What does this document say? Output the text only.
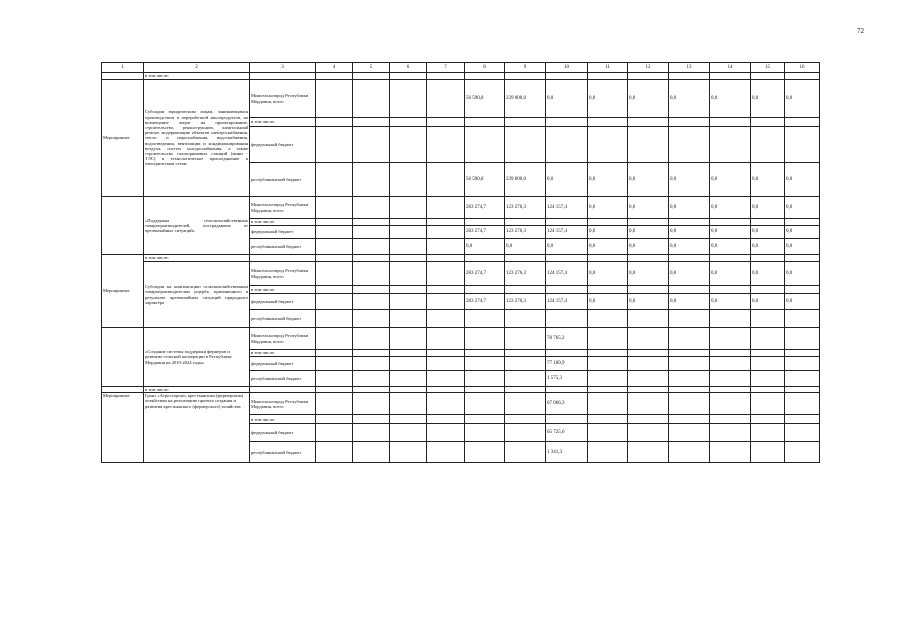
72
1	2	3	4	5	6	7	8	9	10	11	12	13	14	15	16
	в том числе:														
Мероприятие	Субсидии юридическим лицам, занимающимся производством и переработкой мясопродуктов, на возмещение затрат на проектирование, строительство, реконструкцию, капитальный ремонт, модернизацию объектов электроснабжения, тепло- и пароснабжения, водоснабжения, водоотведения, вентиляции и кондиционирования воздуха, систем холодоснабжения, а также строительство газопоршневых станций (мини - ТЭС) и технологическое присоединение к электрическим сетям	Минсельхозпрод Республики Мордовия, всего					56 590,8	239 000,0	0,0	0,0	0,0	0,0	0,0	0,0	0,0
		в том числе:													
		федеральный бюджет													
		республиканский бюджет					56 590,8	239 000,0	0,0	0,0	0,0	0,0	0,0	0,0	0,0
	«Поддержка сельскохозяйственных товаропроизводителей, пострадавших от чрезвычайных ситуаций»	Минсельхозпрод Республики Мордовия, всего					283 274,7	123 276,3	124 157,4	0,0	0,0	0,0	0,0	0,0	0,0
		в том числе:													
		федеральный бюджет					283 274,7	123 276,3	124 157,4	0,0	0,0	0,0	0,0	0,0	0,0
		республиканский бюджет					0,0	0,0	0,0	0,0	0,0	0,0	0,0	0,0	0,0
Мероприятие	в том числе:														
	Субсидии на компенсацию сельскохозяйственным товаропроизводителям ущерба, причиненного в результате чрезвычайных ситуаций природного характера	Минсельхозпрод Республики Мордовия, всего					283 274,7	123 276,3	124 157,4	0,0	0,0	0,0	0,0	0,0	0,0
		в том числе:													
		федеральный бюджет					283 274,7	123 276,3	124 157,4	0,0	0,0	0,0	0,0	0,0	0,0
		республиканский бюджет													
	«Создание системы поддержки фермеров и развитие сельской кооперации в Республике Мордовия на 2019-2024 годы»	Минсельхозпрод Республики Мордовия, всего							78 765,2						
		в том числе:													
		федеральный бюджет							77 189,9						
		республиканский бюджет							1 575,3						
	в том числе:														
Мероприятие	Грант «Агростартап» крестьянским (фермерским) хозяйствам на реализацию проекта создания и развития крестьянского (фермерского) хозяйства	Минсельхозпрод Республики Мордовия, всего							67 066,3						
		в том числе:													
		федеральный бюджет							65 725,0						
		республиканский бюджет							1 341,3						
